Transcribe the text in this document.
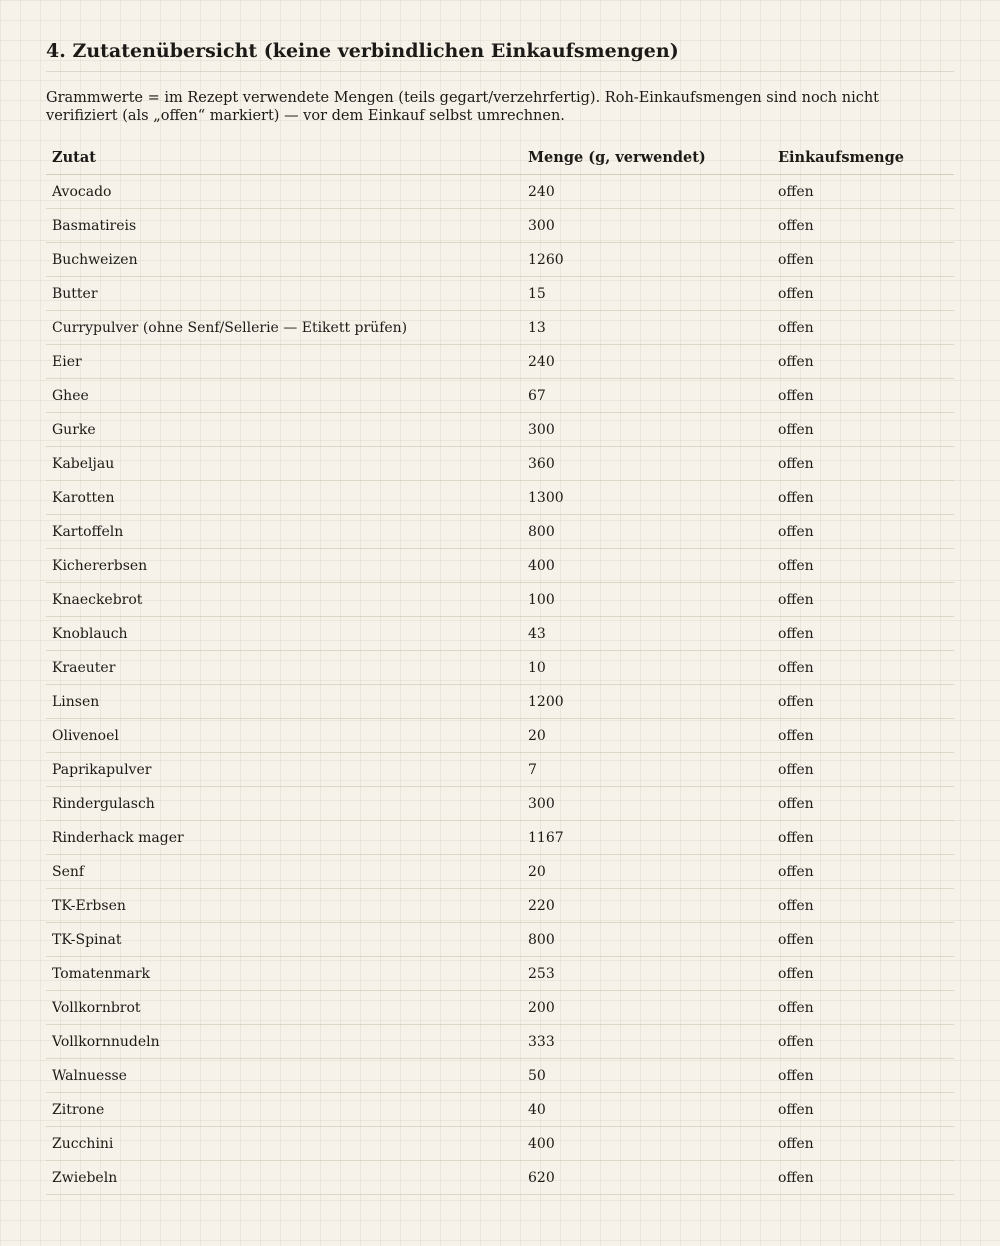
4. Zutatenübersicht (keine verbindlichen Einkaufsmengen)

Grammwerte = im Rezept verwendete Mengen (teils gegart/verzehrfertig). Roh-Einkaufsmengen sind noch nicht verifiziert (als „offen“ markiert) — vor dem Einkauf selbst umrechnen.

Zutat	Menge (g, verwendet)	Einkaufsmenge
Avocado	240	offen
Basmatireis	300	offen
Buchweizen	1260	offen
Butter	15	offen
Currypulver (ohne Senf/Sellerie — Etikett prüfen)	13	offen
Eier	240	offen
Ghee	67	offen
Gurke	300	offen
Kabeljau	360	offen
Karotten	1300	offen
Kartoffeln	800	offen
Kichererbsen	400	offen
Knaeckebrot	100	offen
Knoblauch	43	offen
Kraeuter	10	offen
Linsen	1200	offen
Olivenoel	20	offen
Paprikapulver	7	offen
Rindergulasch	300	offen
Rinderhack mager	1167	offen
Senf	20	offen
TK-Erbsen	220	offen
TK-Spinat	800	offen
Tomatenmark	253	offen
Vollkornbrot	200	offen
Vollkornnudeln	333	offen
Walnuesse	50	offen
Zitrone	40	offen
Zucchini	400	offen
Zwiebeln	620	offen
